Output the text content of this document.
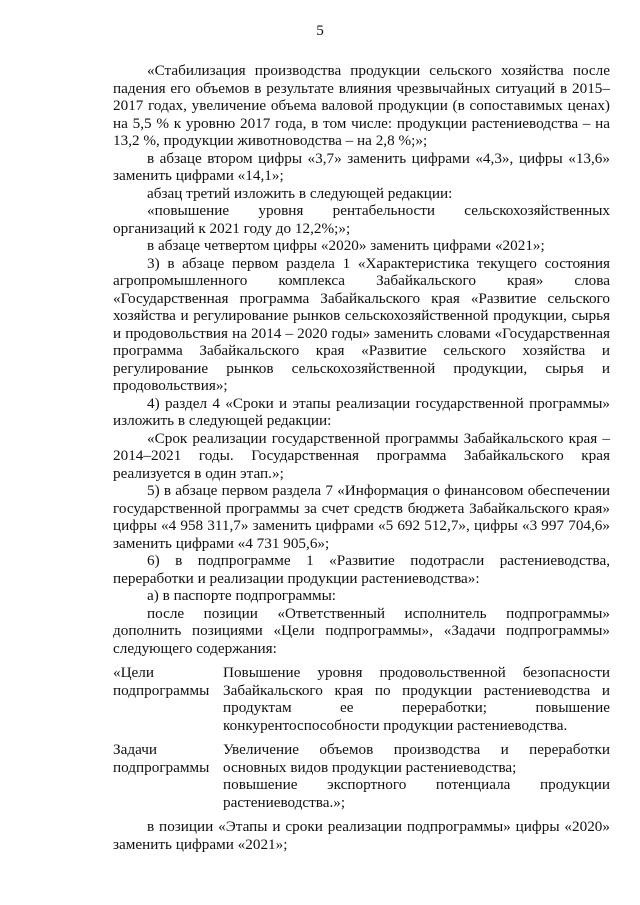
5

«Стабилизация производства продукции сельского хозяйства после падения его объемов в результате влияния чрезвычайных ситуаций в 2015–2017 годах, увеличение объема валовой продукции (в сопоставимых ценах) на 5,5 % к уровню 2017 года, в том числе: продукции растениеводства – на 13,2 %, продукции животноводства – на 2,8 %;»;

в абзаце втором цифры «3,7» заменить цифрами «4,3», цифры «13,6» заменить цифрами «14,1»;

абзац третий изложить в следующей редакции:

«повышение уровня рентабельности сельскохозяйственных организаций к 2021 году до 12,2%;»;

в абзаце четвертом цифры «2020» заменить цифрами «2021»;

3) в абзаце первом раздела 1 «Характеристика текущего состояния агропромышленного комплекса Забайкальского края» слова «Государственная программа Забайкальского края «Развитие сельского хозяйства и регулирование рынков сельскохозяйственной продукции, сырья и продовольствия на 2014 – 2020 годы» заменить словами «Государственная программа Забайкальского края «Развитие сельского хозяйства и регулирование рынков сельскохозяйственной продукции, сырья и продовольствия»;

4) раздел 4 «Сроки и этапы реализации государственной программы» изложить в следующей редакции:

«Срок реализации государственной программы Забайкальского края – 2014–2021 годы. Государственная программа Забайкальского края реализуется в один этап.»;

5) в абзаце первом раздела 7 «Информация о финансовом обеспечении государственной программы за счет средств бюджета Забайкальского края» цифры «4 958 311,7» заменить цифрами «5 692 512,7», цифры «3 997 704,6» заменить цифрами «4 731 905,6»;

6) в подпрограмме 1 «Развитие подотрасли растениеводства, переработки и реализации продукции растениеводства»:

а) в паспорте подпрограммы:

после позиции «Ответственный исполнитель подпрограммы» дополнить позициями «Цели подпрограммы», «Задачи подпрограммы» следующего содержания:

«Цели подпрограммы
Повышение уровня продовольственной безопасности Забайкальского края по продукции растениеводства и продуктам ее переработки; повышение конкурентоспособности продукции растениеводства.
Задачи подпрограммы
Увеличение объемов производства и переработки основных видов продукции растениеводства;
повышение экспортного потенциала продукции растениеводства.»;

в позиции «Этапы и сроки реализации подпрограммы» цифры «2020» заменить цифрами «2021»;
